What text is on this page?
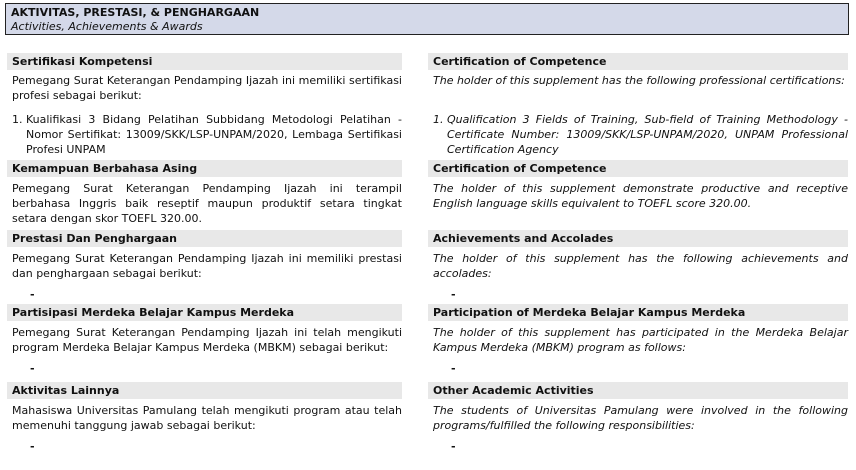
AKTIVITAS, PRESTASI, & PENGHARGAAN
Activities, Achievements & Awards
Sertifikasi Kompetensi
Pemegang Surat Keterangan Pendamping Ijazah ini memiliki sertifikasi profesi sebagai berikut:
1. Kualifikasi 3 Bidang Pelatihan Subbidang Metodologi Pelatihan - Nomor Sertifikat: 13009/SKK/LSP-UNPAM/2020, Lembaga Sertifikasi Profesi UNPAM
Kemampuan Berbahasa Asing
Pemegang Surat Keterangan Pendamping Ijazah ini terampil berbahasa Inggris baik reseptif maupun produktif setara tingkat setara dengan skor TOEFL 320.00.
Prestasi Dan Penghargaan
Pemegang Surat Keterangan Pendamping Ijazah ini memiliki prestasi dan penghargaan sebagai berikut:
-
Partisipasi Merdeka Belajar Kampus Merdeka
Pemegang Surat Keterangan Pendamping Ijazah ini telah mengikuti program Merdeka Belajar Kampus Merdeka (MBKM) sebagai berikut:
-
Aktivitas Lainnya
Mahasiswa Universitas Pamulang telah mengikuti program atau telah memenuhi tanggung jawab sebagai berikut:
-
Certification of Competence
The holder of this supplement has the following professional certifications:
1. Qualification 3 Fields of Training, Sub-field of Training Methodology - Certificate Number: 13009/SKK/LSP-UNPAM/2020, UNPAM Professional Certification Agency
Certification of Competence
The holder of this supplement demonstrate productive and receptive English language skills equivalent to TOEFL score 320.00.
Achievements and Accolades
The holder of this supplement has the following achievements and accolades:
-
Participation of Merdeka Belajar Kampus Merdeka
The holder of this supplement has participated in the Merdeka Belajar Kampus Merdeka (MBKM) program as follows:
-
Other Academic Activities
The students of Universitas Pamulang were involved in the following programs/fulfilled the following responsibilities:
-
